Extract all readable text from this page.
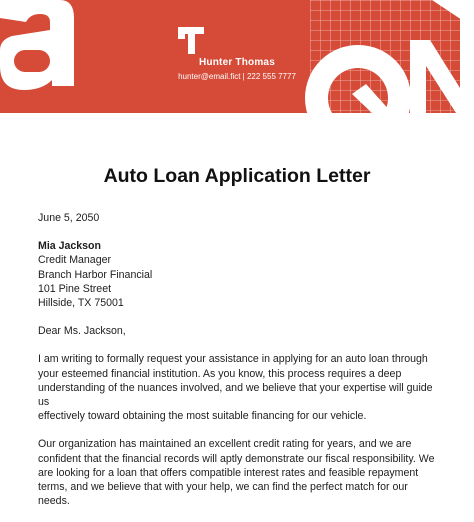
Hunter Thomas
hunter@email.fict | 222 555 7777
Auto Loan Application Letter
June 5, 2050
Mia Jackson
Credit Manager
Branch Harbor Financial
101 Pine Street
Hillside, TX 75001
Dear Ms. Jackson,
I am writing to formally request your assistance in applying for an auto loan through
your esteemed financial institution. As you know, this process requires a deep
understanding of the nuances involved, and we believe that your expertise will guide us
effectively toward obtaining the most suitable financing for our vehicle.
Our organization has maintained an excellent credit rating for years, and we are
confident that the financial records will aptly demonstrate our fiscal responsibility. We
are looking for a loan that offers compatible interest rates and feasible repayment
terms, and we believe that with your help, we can find the perfect match for our needs.
